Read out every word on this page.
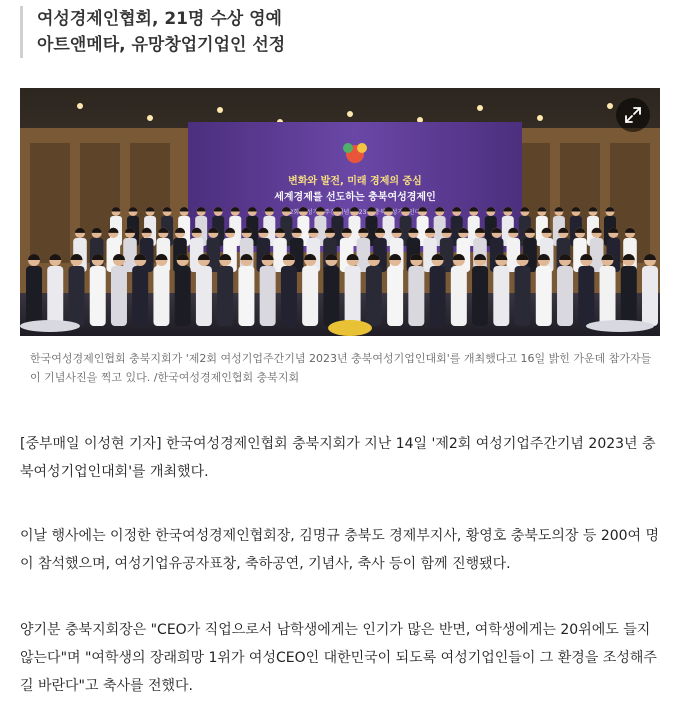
여성경제인협회, 21명 수상 영예
아트앤메타, 유망창업기업인 선정
변화와 발전, 미래 경제의 중심
세계경제를 선도하는 충북여성경제인
제2회 기념 2023년 충북여성기업인대회
한국여성경제인협회 충북지회가 '제2회 여성기업주간기념 2023년 충북여성기업인대회'를 개최했다고 16일 밝힌 가운데 참가자들이 기념사진을 찍고 있다. /한국여성경제인협회 충북지회

[중부매일 이성현 기자] 한국여성경제인협회 충북지회가 지난 14일 '제2회 여성기업주간기념 2023년 충북여성기업인대회'를 개최했다.

이날 행사에는 이정한 한국여성경제인협회장, 김명규 충북도 경제부지사, 황영호 충북도의장 등 200여 명이 참석했으며, 여성기업유공자표창, 축하공연, 기념사, 축사 등이 함께 진행됐다.

양기분 충북지회장은 "CEO가 직업으로서 남학생에게는 인기가 많은 반면, 여학생에게는 20위에도 들지 않는다"며 "여학생의 장래희망 1위가 여성CEO인 대한민국이 되도록 여성기업인들이 그 환경을 조성해주길 바란다"고 축사를 전했다.
